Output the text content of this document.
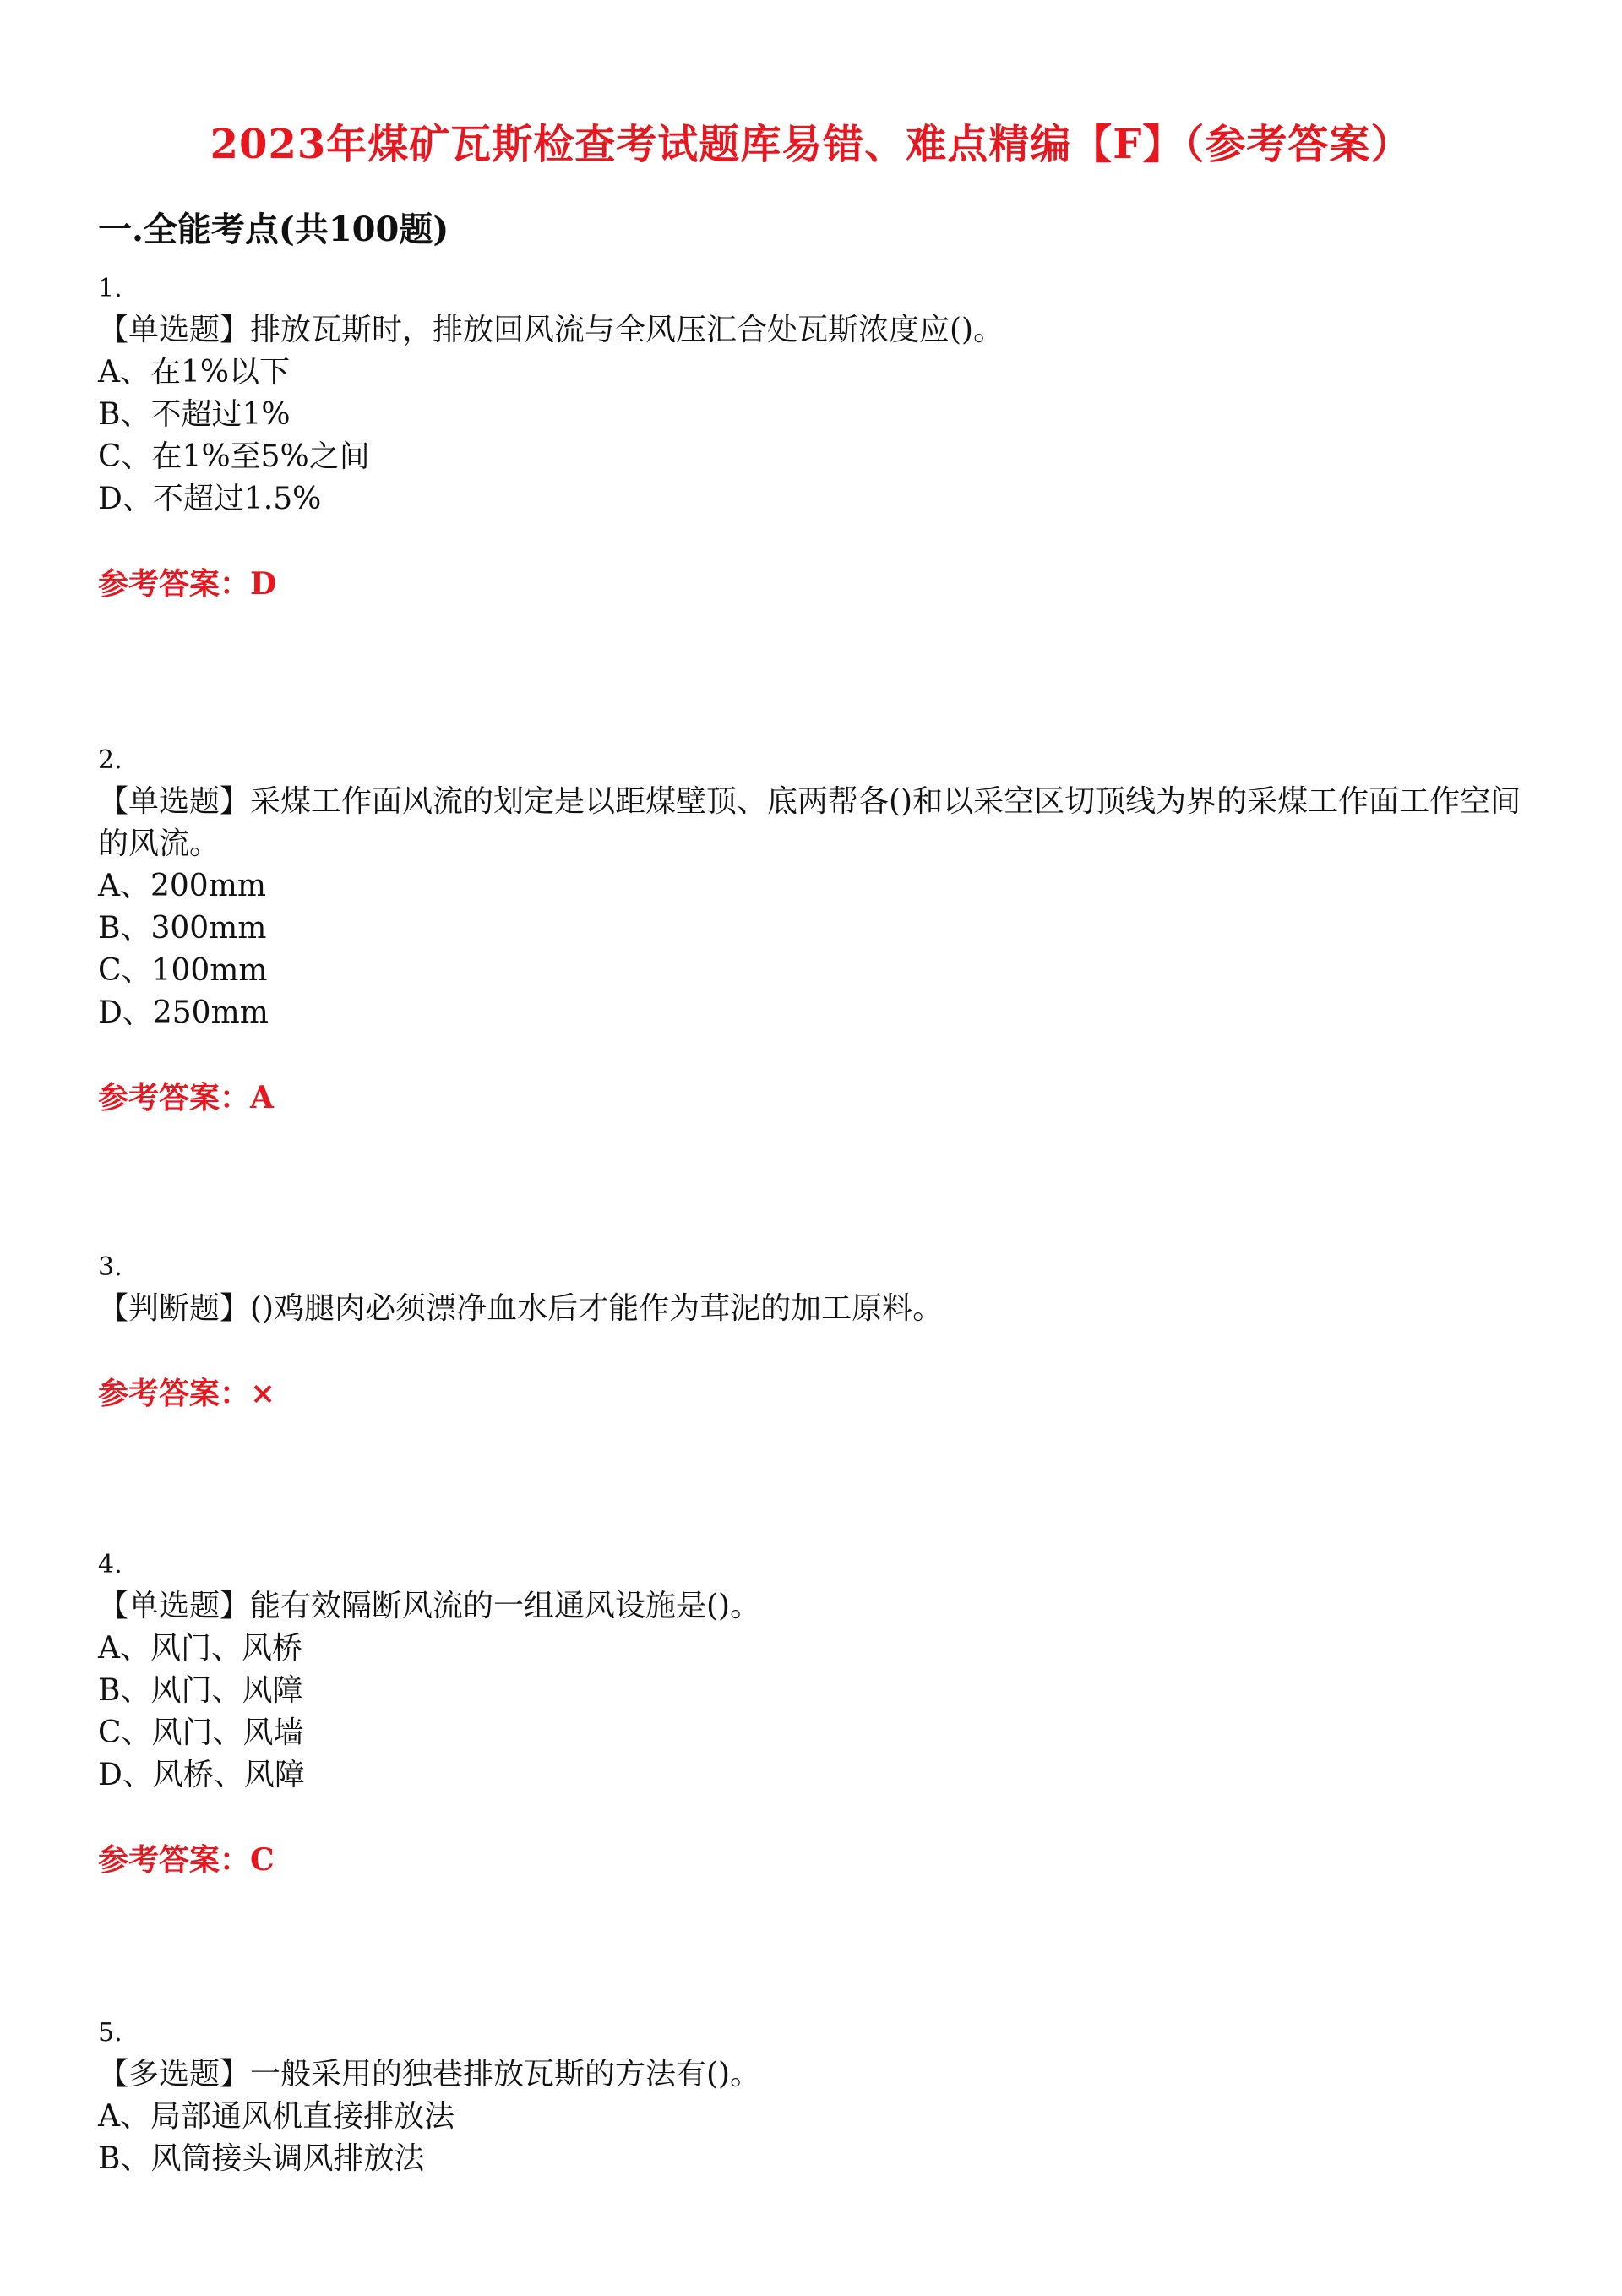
2023年煤矿瓦斯检查考试题库易错、难点精编【F】（参考答案）
一.全能考点(共100题)
1.
【单选题】排放瓦斯时，排放回风流与全风压汇合处瓦斯浓度应()。
A、在1%以下
B、不超过1%
C、在1%至5%之间
D、不超过1.5%
参考答案：D
2.
【单选题】采煤工作面风流的划定是以距煤壁顶、底两帮各()和以采空区切顶线为界的采煤工作面工作空间的风流。
A、200mm
B、300mm
C、100mm
D、250mm
参考答案：A
3.
【判断题】()鸡腿肉必须漂净血水后才能作为茸泥的加工原料。
参考答案：×
4.
【单选题】能有效隔断风流的一组通风设施是()。
A、风门、风桥
B、风门、风障
C、风门、风墙
D、风桥、风障
参考答案：C
5.
【多选题】一般采用的独巷排放瓦斯的方法有()。
A、局部通风机直接排放法
B、风筒接头调风排放法
